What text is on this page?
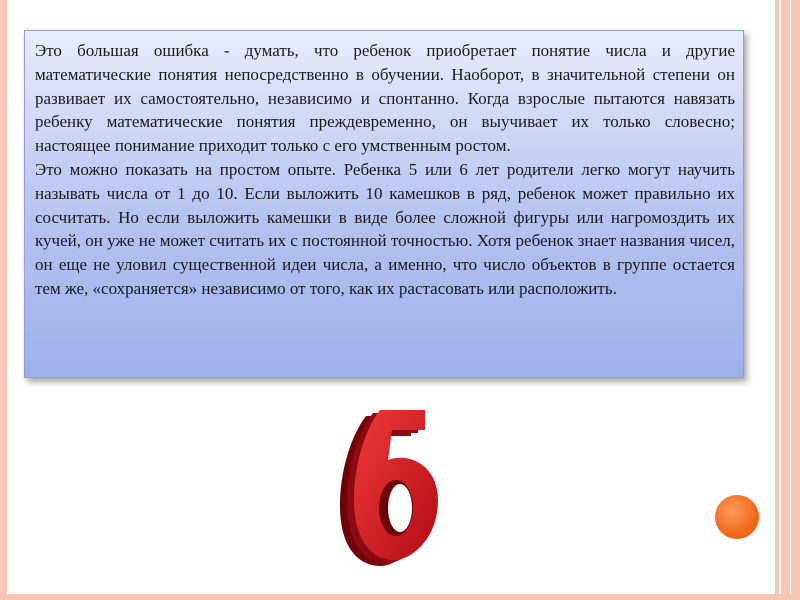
Это большая ошибка - думать, что ребенок приобретает понятие числа и другие математические понятия непосредственно в обучении. Наоборот, в значительной степени он развивает их самостоятельно, независимо и спонтанно. Когда взрослые пытаются навязать ребенку математические понятия преждевременно, он выучивает их только словесно; настоящее понимание приходит только с его умственным ростом.

Это можно показать на простом опыте. Ребенка 5 или 6 лет родители легко могут научить называть числа от 1 до 10. Если выложить 10 камешков в ряд, ребенок может правильно их сосчитать. Но если выложить камешки в виде более сложной фигуры или нагромоздить их кучей, он уже не может считать их с постоянной точностью. Хотя ребенок знает названия чисел, он еще не уловил существенной идеи числа, а именно, что число объектов в группе остается тем же, «сохраняется» независимо от того, как их растасовать или расположить.
